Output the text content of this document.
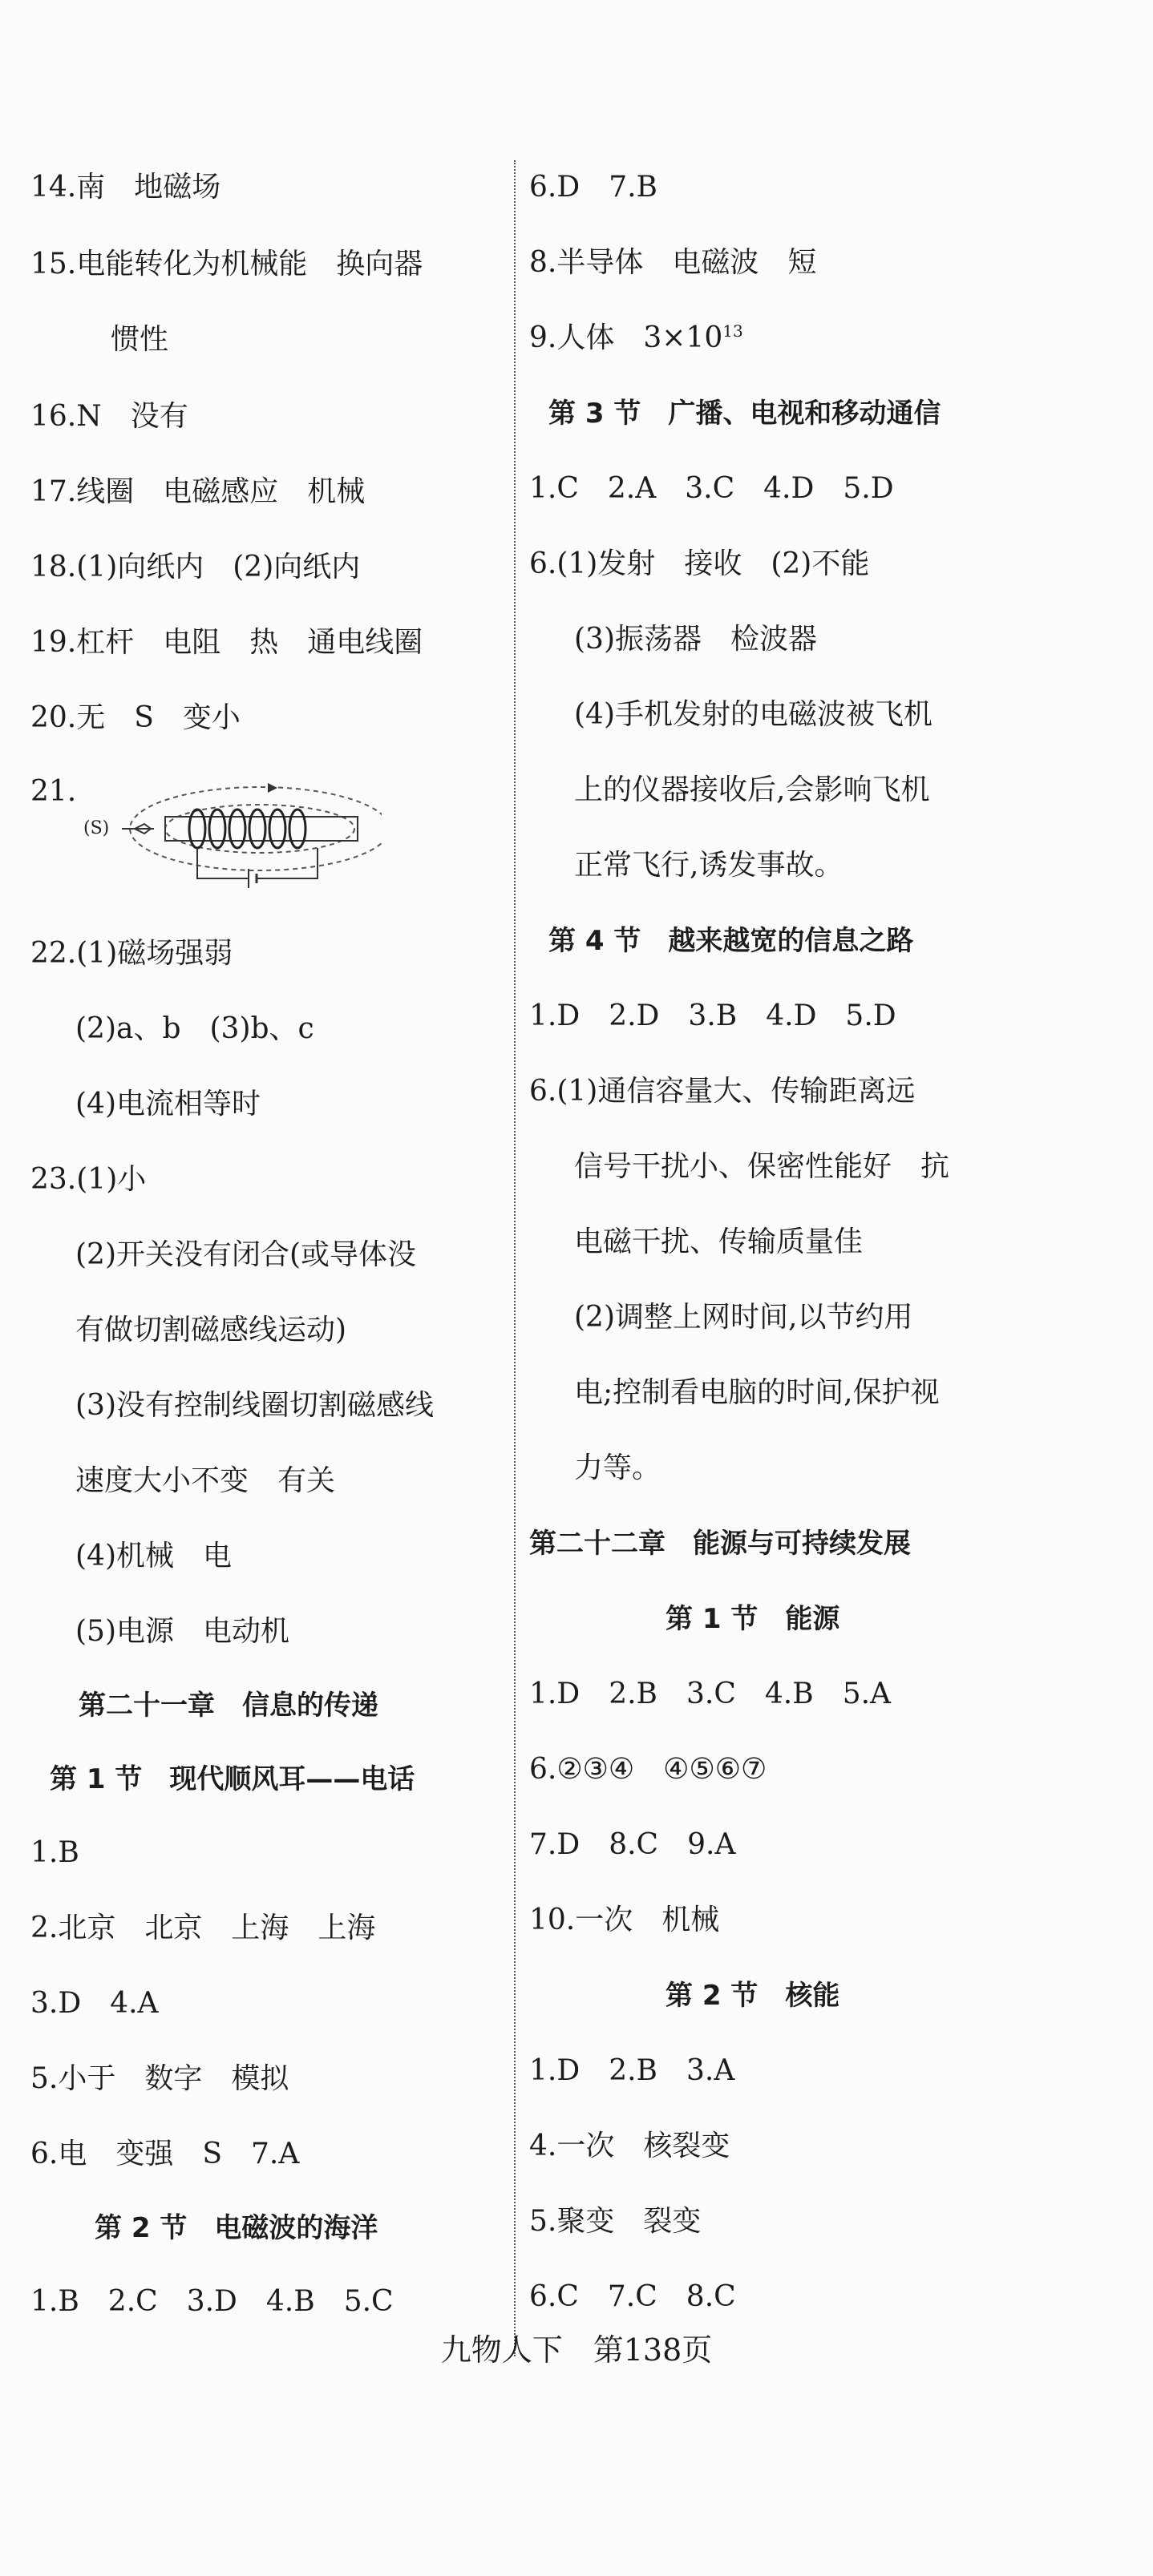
14.南　地磁场
15.电能转化为机械能　换向器
惯性
16.N　没有
17.线圈　电磁感应　机械
18.(1)向纸内　(2)向纸内
19.杠杆　电阻　热　通电线圈
20.无　S　变小
21.
(S)
22.(1)磁场强弱
(2)a、b　(3)b、c
(4)电流相等时
23.(1)小
(2)开关没有闭合(或导体没
有做切割磁感线运动)
(3)没有控制线圈切割磁感线
速度大小不变　有关
(4)机械　电
(5)电源　电动机
第二十一章　信息的传递
第 1 节　现代顺风耳——电话
1.B
2.北京　北京　上海　上海
3.D　4.A
5.小于　数字　模拟
6.电　变强　S　7.A
第 2 节　电磁波的海洋
1.B　2.C　3.D　4.B　5.C
6.D　7.B
8.半导体　电磁波　短
9.人体　$3\times 10^{13}$
第 3 节　广播、电视和移动通信
1.C　2.A　3.C　4.D　5.D
6.(1)发射　接收　(2)不能
(3)振荡器　检波器
(4)手机发射的电磁波被飞机
上的仪器接收后,会影响飞机
正常飞行,诱发事故。
第 4 节　越来越宽的信息之路
1.D　2.D　3.B　4.D　5.D
6.(1)通信容量大、传输距离远
信号干扰小、保密性能好　抗
电磁干扰、传输质量佳
(2)调整上网时间,以节约用
电;控制看电脑的时间,保护视
力等。
第二十二章　能源与可持续发展
第 1 节　能源
1.D　2.B　3.C　4.B　5.A
6.②③④　④⑤⑥⑦
7.D　8.C　9.A
10.一次　机械
第 2 节　核能
1.D　2.B　3.A
4.一次　核裂变
5.聚变　裂变
6.C　7.C　8.C
九物人下　第138页
